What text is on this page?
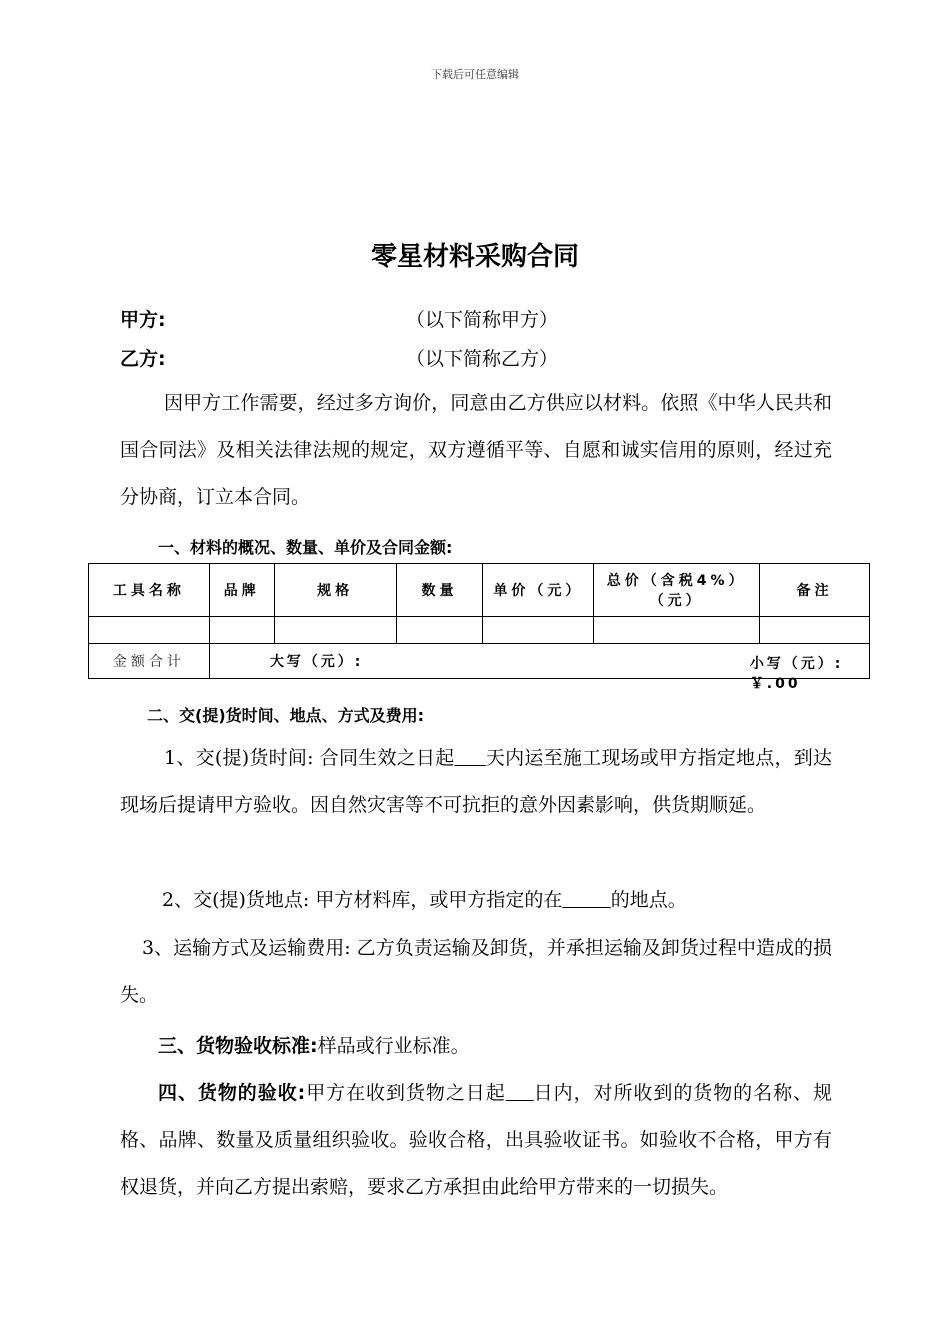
下载后可任意编辑
零星材料采购合同
甲方:	（以下简称甲方）
乙方:	（以下简称乙方）

因甲方工作需要，经过多方询价，同意由乙方供应以材料。依照《中华人民共和国合同法》及相关法律法规的规定，双方遵循平等、自愿和诚实信用的原则，经过充分协商，订立本合同。

一、材料的概况、数量、单价及合同金额:
工具名称	品牌	规格	数量	单价（元）	总价（含税4%）（元）	备注

金额合计	大写（元）: 小写（元）:￥.00					
二、交(提)货时间、地点、方式及费用:

1、交(提)货时间: 合同生效之日起 天内运至施工现场或甲方指定地点，到达现场后提请甲方验收。因自然灾害等不可抗拒的意外因素影响，供货期顺延。

2、交(提)货地点: 甲方材料库，或甲方指定的在	的地点。

3、运输方式及运输费用: 乙方负责运输及卸货，并承担运输及卸货过程中造成的损失。

三、货物验收标准:样品或行业标准。

四、货物的验收:甲方在收到货物之日起 日内，对所收到的货物的名称、规格、品牌、数量及质量组织验收。验收合格，出具验收证书。如验收不合格，甲方有权退货，并向乙方提出索赔，要求乙方承担由此给甲方带来的一切损失。
